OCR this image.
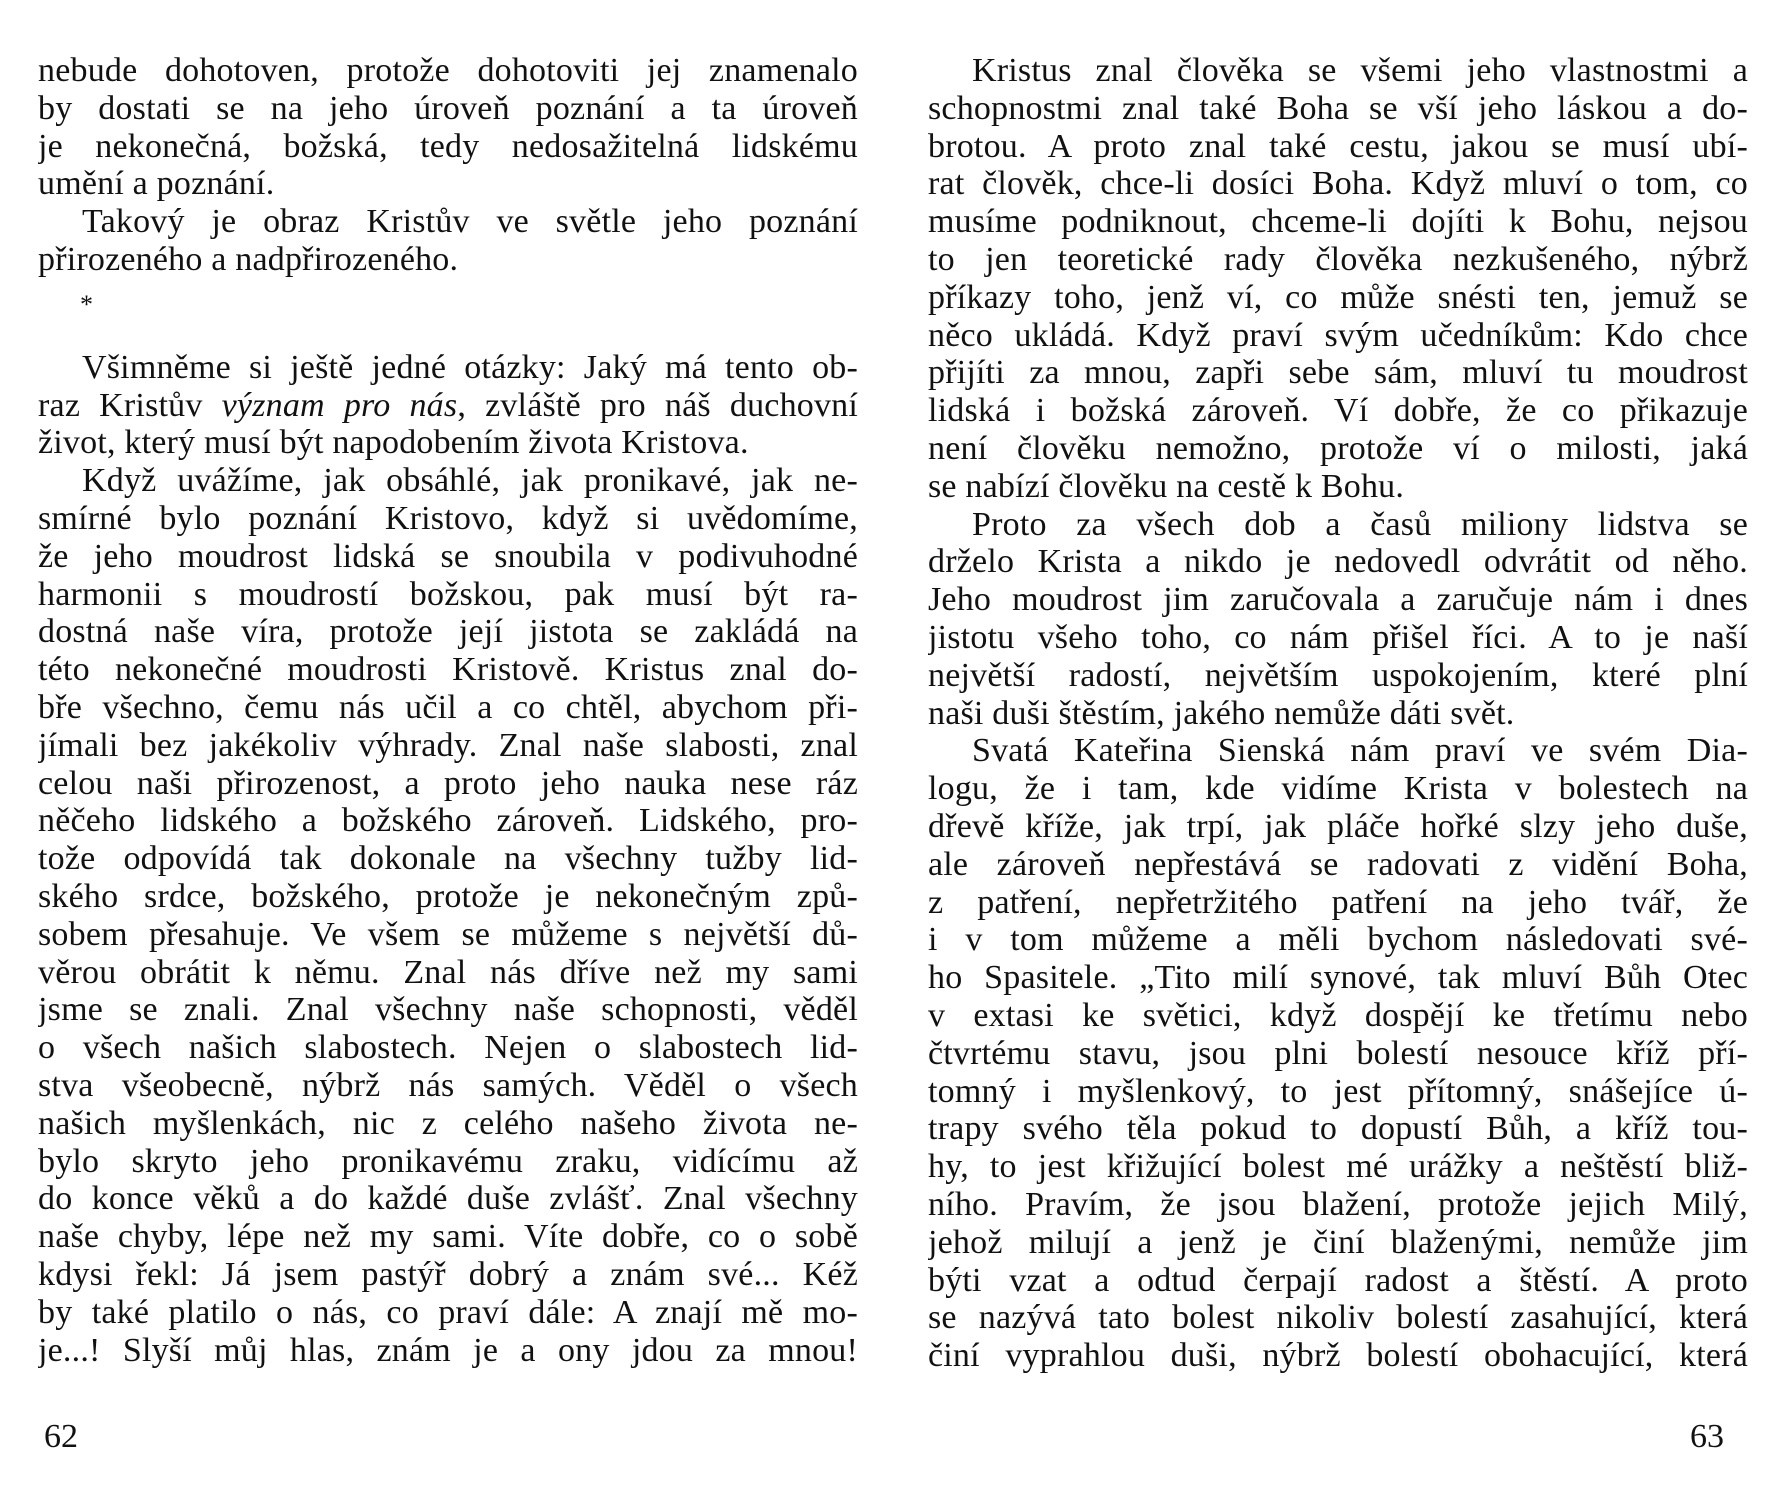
nebude dohotoven, protože dohotoviti jej znamenalo
by dostati se na jeho úroveň poznání a ta úroveň
je nekonečná, božská, tedy nedosažitelná lidskému
umění a poznání.
Takový je obraz Kristův ve světle jeho poznání
přirozeného a nadpřirozeného.
*
Všimněme si ještě jedné otázky: Jaký má tento ob-
raz Kristův význam pro nás, zvláště pro náš duchovní
život, který musí být napodobením života Kristova.
Když uvážíme, jak obsáhlé, jak pronikavé, jak ne-
smírné bylo poznání Kristovo, když si uvědomíme,
že jeho moudrost lidská se snoubila v podivuhodné
harmonii s moudrostí božskou, pak musí být ra-
dostná naše víra, protože její jistota se zakládá na
této nekonečné moudrosti Kristově. Kristus znal do-
bře všechno, čemu nás učil a co chtěl, abychom při-
jímali bez jakékoliv výhrady. Znal naše slabosti, znal
celou naši přirozenost, a proto jeho nauka nese ráz
něčeho lidského a božského zároveň. Lidského, pro-
tože odpovídá tak dokonale na všechny tužby lid-
ského srdce, božského, protože je nekonečným způ-
sobem přesahuje. Ve všem se můžeme s největší dů-
věrou obrátit k němu. Znal nás dříve než my sami
jsme se znali. Znal všechny naše schopnosti, věděl
o všech našich slabostech. Nejen o slabostech lid-
stva všeobecně, nýbrž nás samých. Věděl o všech
našich myšlenkách, nic z celého našeho života ne-
bylo skryto jeho pronikavému zraku, vidícímu až
do konce věků a do každé duše zvlášť. Znal všechny
naše chyby, lépe než my sami. Víte dobře, co o sobě
kdysi řekl: Já jsem pastýř dobrý a znám své... Kéž
by také platilo o nás, co praví dále: A znají mě mo-
je...! Slyší můj hlas, znám je a ony jdou za mnou!
Kristus znal člověka se všemi jeho vlastnostmi a
schopnostmi znal také Boha se vší jeho láskou a do-
brotou. A proto znal také cestu, jakou se musí ubí-
rat člověk, chce-li dosíci Boha. Když mluví o tom, co
musíme podniknout, chceme-li dojíti k Bohu, nejsou
to jen teoretické rady člověka nezkušeného, nýbrž
příkazy toho, jenž ví, co může snésti ten, jemuž se
něco ukládá. Když praví svým učedníkům: Kdo chce
přijíti za mnou, zapři sebe sám, mluví tu moudrost
lidská i božská zároveň. Ví dobře, že co přikazuje
není člověku nemožno, protože ví o milosti, jaká
se nabízí člověku na cestě k Bohu.
Proto za všech dob a časů miliony lidstva se
drželo Krista a nikdo je nedovedl odvrátit od něho.
Jeho moudrost jim zaručovala a zaručuje nám i dnes
jistotu všeho toho, co nám přišel říci. A to je naší
největší radostí, největším uspokojením, které plní
naši duši štěstím, jakého nemůže dáti svět.
Svatá Kateřina Sienská nám praví ve svém Dia-
logu, že i tam, kde vidíme Krista v bolestech na
dřevě kříže, jak trpí, jak pláče hořké slzy jeho duše,
ale zároveň nepřestává se radovati z vidění Boha,
z patření, nepřetržitého patření na jeho tvář, že
i v tom můžeme a měli bychom následovati své-
ho Spasitele. „Tito milí synové, tak mluví Bůh Otec
v extasi ke světici, když dospějí ke třetímu nebo
čtvrtému stavu, jsou plni bolestí nesouce kříž pří-
tomný i myšlenkový, to jest přítomný, snášejíce ú-
trapy svého těla pokud to dopustí Bůh, a kříž tou-
hy, to jest křižující bolest mé urážky a neštěstí bliž-
ního. Pravím, že jsou blažení, protože jejich Milý,
jehož milují a jenž je činí blaženými, nemůže jim
býti vzat a odtud čerpají radost a štěstí. A proto
se nazývá tato bolest nikoliv bolestí zasahující, která
činí vyprahlou duši, nýbrž bolestí obohacující, která
62	63
